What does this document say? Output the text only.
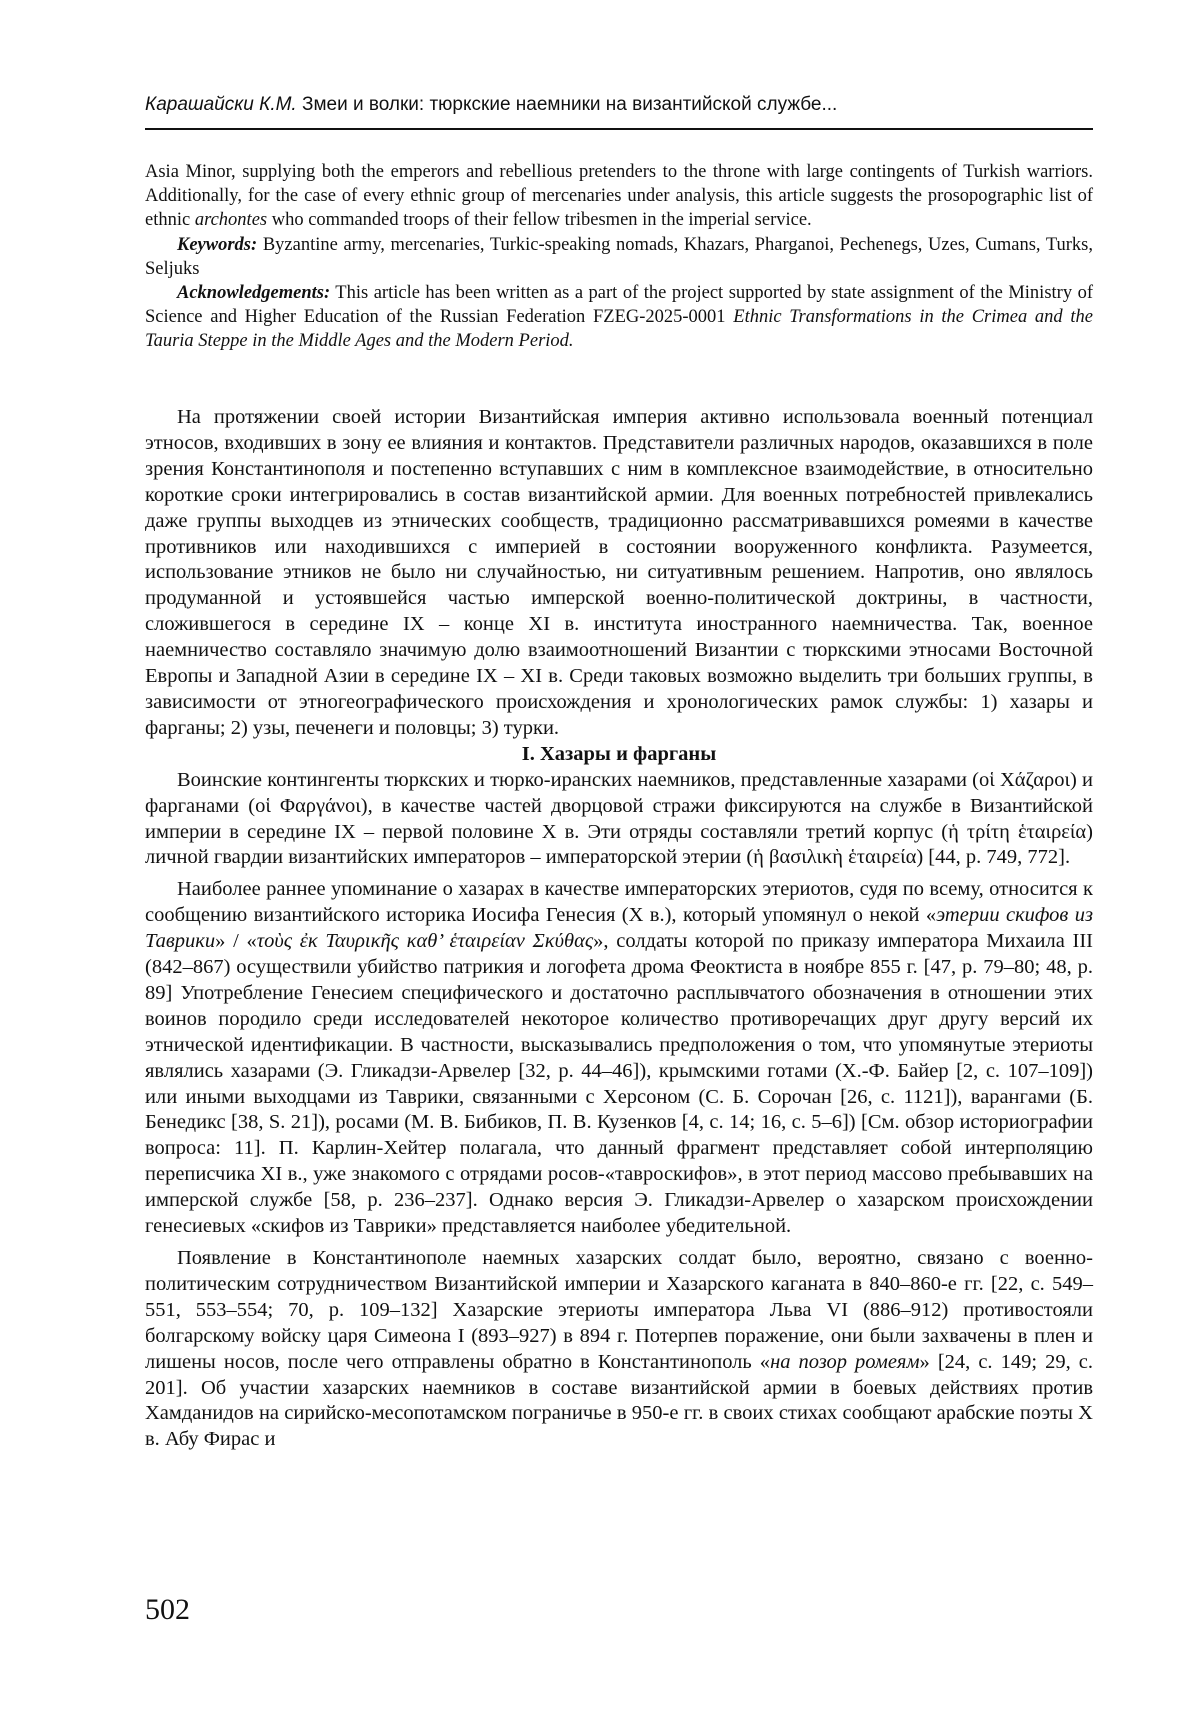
Карашайски К.М. Змеи и волки: тюркские наемники на византийской службе...

Asia Minor, supplying both the emperors and rebellious pretenders to the throne with large contingents of Turkish warriors. Additionally, for the case of every ethnic group of mercenaries under analysis, this article suggests the prosopographic list of ethnic archontes who commanded troops of their fellow tribesmen in the imperial service.

Keywords: Byzantine army, mercenaries, Turkic-speaking nomads, Khazars, Pharganoi, Pechenegs, Uzes, Cumans, Turks, Seljuks

Acknowledgements: This article has been written as a part of the project supported by state assignment of the Ministry of Science and Higher Education of the Russian Federation FZEG-2025-0001 Ethnic Transformations in the Crimea and the Tauria Steppe in the Middle Ages and the Modern Period.

На протяжении своей истории Византийская империя активно использовала военный потенциал этносов, входивших в зону ее влияния и контактов. Представители различных народов, оказавшихся в поле зрения Константинополя и постепенно вступавших с ним в комплексное взаимодействие, в относительно короткие сроки интегрировались в состав византийской армии. Для военных потребностей привлекались даже группы выходцев из этнических сообществ, традиционно рассматривавшихся ромеями в качестве противников или находившихся с империей в состоянии вооруженного конфликта. Разумеется, использование этников не было ни случайностью, ни ситуативным решением. Напротив, оно являлось продуманной и устоявшейся частью имперской военно-политической доктрины, в частности, сложившегося в середине IX – конце XI в. института иностранного наемничества. Так, военное наемничество составляло значимую долю взаимоотношений Византии с тюркскими этносами Восточной Европы и Западной Азии в середине IX – XI в. Среди таковых возможно выделить три больших группы, в зависимости от этногеографического происхождения и хронологических рамок службы: 1) хазары и фарганы; 2) узы, печенеги и половцы; 3) турки.

I. Хазары и фарганы

Воинские контингенты тюркских и тюрко-иранских наемников, представленные хазарами (οἱ Χάζαροι) и фарганами (οἱ Φαργάνοι), в качестве частей дворцовой стражи фиксируются на службе в Византийской империи в середине IX – первой половине X в. Эти отряды составляли третий корпус (ἡ τρίτη ἑταιρεία) личной гвардии византийских императоров – императорской этерии (ἡ βασιλικὴ ἑταιρεία) [44, p. 749, 772].

Наиболее раннее упоминание о хазарах в качестве императорских этериотов, судя по всему, относится к сообщению византийского историка Иосифа Генесия (X в.), который упомянул о некой «этерии скифов из Таврики» / «τοὺς ἐκ Ταυρικῆς καθ’ ἑταιρείαν Σκύθας», солдаты которой по приказу императора Михаила III (842–867) осуществили убийство патрикия и логофета дрома Феоктиста в ноябре 855 г. [47, p. 79–80; 48, p. 89] Употребление Генесием специфического и достаточно расплывчатого обозначения в отношении этих воинов породило среди исследователей некоторое количество противоречащих друг другу версий их этнической идентификации. В частности, высказывались предположения о том, что упомянутые этериоты являлись хазарами (Э. Гликадзи-Арвелер [32, p. 44–46]), крымскими готами (Х.-Ф. Байер [2, с. 107–109]) или иными выходцами из Таврики, связанными с Херсоном (С. Б. Сорочан [26, с. 1121]), варангами (Б. Бенедикс [38, S. 21]), росами (М. В. Бибиков, П. В. Кузенков [4, с. 14; 16, с. 5–6]) [См. обзор историографии вопроса: 11]. П. Карлин-Хейтер полагала, что данный фрагмент представляет собой интерполяцию переписчика XI в., уже знакомого с отрядами росов-«тавроскифов», в этот период массово пребывавших на имперской службе [58, p. 236–237]. Однако версия Э. Гликадзи-Арвелер о хазарском происхождении генесиевых «скифов из Таврики» представляется наиболее убедительной.

Появление в Константинополе наемных хазарских солдат было, вероятно, связано с военно-политическим сотрудничеством Византийской империи и Хазарского каганата в 840–860-е гг. [22, с. 549–551, 553–554; 70, p. 109–132] Хазарские этериоты императора Льва VI (886–912) противостояли болгарскому войску царя Симеона I (893–927) в 894 г. Потерпев поражение, они были захвачены в плен и лишены носов, после чего отправлены обратно в Константинополь «на позор ромеям» [24, с. 149; 29, с. 201]. Об участии хазарских наемников в составе византийской армии в боевых действиях против Хамданидов на сирийско-месопотамском пограничье в 950-е гг. в своих стихах сообщают арабские поэты X в. Абу Фирас и

502
